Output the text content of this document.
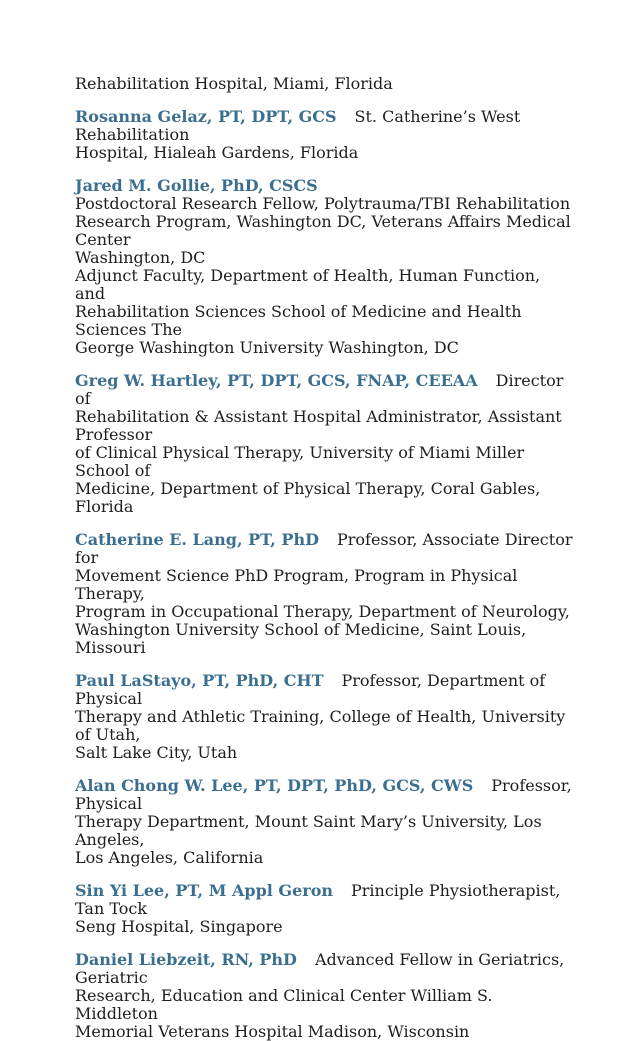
Rehabilitation Hospital, Miami, Florida

Rosanna Gelaz, PT, DPT, GCS St. Catherine’s West Rehabilitation
Hospital, Hialeah Gardens, Florida

Jared M. Gollie, PhD, CSCS
Postdoctoral Research Fellow, Polytrauma/TBI Rehabilitation
Research Program, Washington DC, Veterans Affairs Medical Center
Washington, DC
Adjunct Faculty, Department of Health, Human Function, and
Rehabilitation Sciences School of Medicine and Health Sciences The
George Washington University Washington, DC

Greg W. Hartley, PT, DPT, GCS, FNAP, CEEAA Director of
Rehabilitation & Assistant Hospital Administrator, Assistant Professor
of Clinical Physical Therapy, University of Miami Miller School of
Medicine, Department of Physical Therapy, Coral Gables, Florida

Catherine E. Lang, PT, PhD Professor, Associate Director for
Movement Science PhD Program, Program in Physical Therapy,
Program in Occupational Therapy, Department of Neurology,
Washington University School of Medicine, Saint Louis, Missouri

Paul LaStayo, PT, PhD, CHT Professor, Department of Physical
Therapy and Athletic Training, College of Health, University of Utah,
Salt Lake City, Utah

Alan Chong W. Lee, PT, DPT, PhD, GCS, CWS Professor, Physical
Therapy Department, Mount Saint Mary’s University, Los Angeles,
Los Angeles, California

Sin Yi Lee, PT, M Appl Geron Principle Physiotherapist, Tan Tock
Seng Hospital, Singapore

Daniel Liebzeit, RN, PhD Advanced Fellow in Geriatrics, Geriatric
Research, Education and Clinical Center William S. Middleton
Memorial Veterans Hospital Madison, Wisconsin
